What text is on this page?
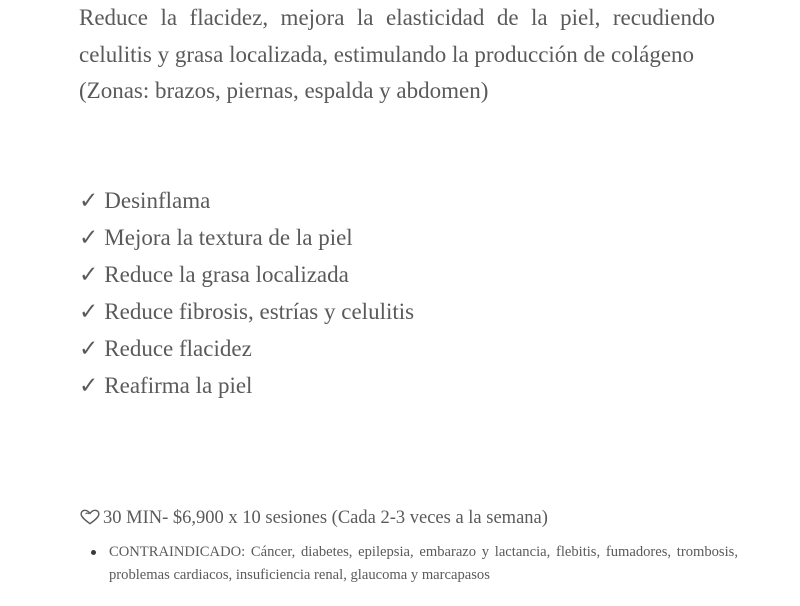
Reduce la flacidez, mejora la elasticidad de la piel, recudiendo celulitis y grasa localizada, estimulando la producción de colágeno

(Zonas: brazos, piernas, espalda y abdomen)

✓ Desinflama
✓ Mejora la textura de la piel
✓ Reduce la grasa localizada
✓ Reduce fibrosis, estrías y celulitis
✓ Reduce flacidez
✓ Reafirma la piel
30 MIN- $6,900 x 10 sesiones (Cada 2-3 veces a la semana)
CONTRAINDICADO: Cáncer, diabetes, epilepsia, embarazo y lactancia, flebitis, fumadores, trombosis, problemas cardiacos, insuficiencia renal, glaucoma y marcapasos
